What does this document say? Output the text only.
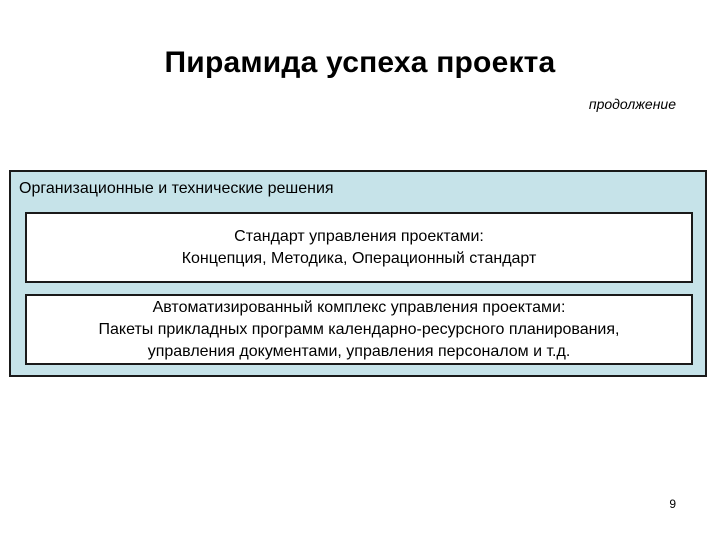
Пирамида успеха проекта
продолжение
Организационные и технические решения
Стандарт управления проектами:
Концепция, Методика, Операционный стандарт
Автоматизированный комплекс управления проектами:
Пакеты прикладных программ календарно-ресурсного планирования,
управления документами, управления персоналом и т.д.
9
